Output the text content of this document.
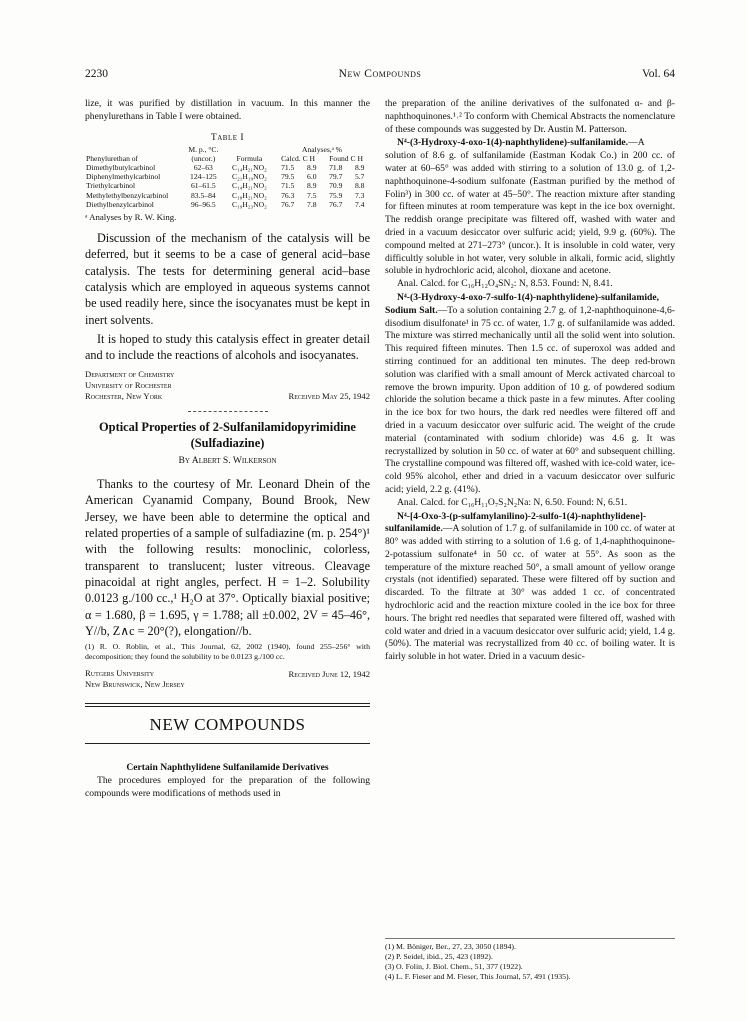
2230	New Compounds	Vol. 64

lize, it was purified by distillation in vacuum. In this manner the phenylurethans in Table I were obtained.

Table I
	M. p., °C.		Analyses,ᵃ %			
Phenylurethan of	(uncor.)	Formula	Calcd. C H		Found C H	
Dimethylbutylcarbinol	62–63	C₁₄H₂₁NO₂	71.5	8.9	71.8	8.9
Diphenylmethylcarbinol	124–125	C₂₁H₁₉NO₂	79.5	6.0	79.7	5.7
Triethylcarbinol	61–61.5	C₁₄H₂₁NO₂	71.5	8.9	70.9	8.8
Methylethylbenzylcarbinol	83.5–84	C₁₈H₂₁NO₂	76.3	7.5	75.9	7.3
Diethylbenzylcarbinol	96–96.5	C₁₉H₂₃NO₂	76.7	7.8	76.7	7.4

ᵃ Analyses by R. W. King.

Discussion of the mechanism of the catalysis will be deferred, but it seems to be a case of general acid–base catalysis. The tests for determining general acid–base catalysis which are employed in aqueous systems cannot be used readily here, since the isocyanates must be kept in inert solvents.

It is hoped to study this catalysis effect in greater detail and to include the reactions of alcohols and isocyanates.

Department of Chemistry
University of Rochester
Rochester, New York	Received May 25, 1942
Optical Properties of 2-Sulfanilamidopyrimidine (Sulfadiazine)
By Albert S. Wilkerson

Thanks to the courtesy of Mr. Leonard Dhein of the American Cyanamid Company, Bound Brook, New Jersey, we have been able to determine the optical and related properties of a sample of sulfadiazine (m. p. 254°)¹ with the following results: monoclinic, colorless, transparent to translucent; luster vitreous. Cleavage pinacoidal at right angles, perfect. H = 1–2. Solubility 0.0123 g./100 cc.,¹ H₂O at 37°. Optically biaxial positive; α = 1.680, β = 1.695, γ = 1.788; all ±0.002, 2V = 45–46°, Y//b, Z∧c = 20°(?), elongation//b.

(1) R. O. Roblin, et al., This Journal, 62, 2002 (1940), found 255–256° with decomposition; they found the solubility to be 0.0123 g./100 cc.

Rutgers University
New Brunswick, New Jersey
Received June 12, 1942
NEW COMPOUNDS
Certain Naphthylidene Sulfanilamide Derivatives

The procedures employed for the preparation of the following compounds were modifications of methods used in

the preparation of the aniline derivatives of the sulfonated α- and β-naphthoquinones.¹˒² To conform with Chemical Abstracts the nomenclature of these compounds was suggested by Dr. Austin M. Patterson.

N⁴-(3-Hydroxy-4-oxo-1(4)-naphthylidene)-sulfanilamide.—A solution of 8.6 g. of sulfanilamide (Eastman Kodak Co.) in 200 cc. of water at 60–65° was added with stirring to a solution of 13.0 g. of 1,2-naphthoquinone-4-sodium sulfonate (Eastman purified by the method of Folin³) in 300 cc. of water at 45–50°. The reaction mixture after standing for fifteen minutes at room temperature was kept in the ice box overnight. The reddish orange precipitate was filtered off, washed with water and dried in a vacuum desiccator over sulfuric acid; yield, 9.9 g. (60%). The compound melted at 271–273° (uncor.). It is insoluble in cold water, very difficultly soluble in hot water, very soluble in alkali, formic acid, slightly soluble in hydrochloric acid, alcohol, dioxane and acetone.

Anal. Calcd. for C₁₆H₁₂O₄SN₂: N, 8.53. Found: N, 8.41.

N⁴-(3-Hydroxy-4-oxo-7-sulfo-1(4)-naphthylidene)-sulfanilamide, Sodium Salt.—To a solution containing 2.7 g. of 1,2-naphthoquinone-4,6-disodium disulfonate¹ in 75 cc. of water, 1.7 g. of sulfanilamide was added. The mixture was stirred mechanically until all the solid went into solution. This required fifteen minutes. Then 1.5 cc. of superoxol was added and stirring continued for an additional ten minutes. The deep red-brown solution was clarified with a small amount of Merck activated charcoal to remove the brown impurity. Upon addition of 10 g. of powdered sodium chloride the solution became a thick paste in a few minutes. After cooling in the ice box for two hours, the dark red needles were filtered off and dried in a vacuum desiccator over sulfuric acid. The weight of the crude material (contaminated with sodium chloride) was 4.6 g. It was recrystallized by solution in 50 cc. of water at 60° and subsequent chilling. The crystalline compound was filtered off, washed with ice-cold water, ice-cold 95% alcohol, ether and dried in a vacuum desiccator over sulfuric acid; yield, 2.2 g. (41%).

Anal. Calcd. for C₁₆H₁₁O₇S₂N₂Na: N, 6.50. Found: N, 6.51.

N⁴-[4-Oxo-3-(p-sulfamylanilino)-2-sulfo-1(4)-naphthylidene]-sulfanilamide.—A solution of 1.7 g. of sulfanilamide in 100 cc. of water at 80° was added with stirring to a solution of 1.6 g. of 1,4-naphthoquinone-2-potassium sulfonate⁴ in 50 cc. of water at 55°. As soon as the temperature of the mixture reached 50°, a small amount of yellow orange crystals (not identified) separated. These were filtered off by suction and discarded. To the filtrate at 30° was added 1 cc. of concentrated hydrochloric acid and the reaction mixture cooled in the ice box for three hours. The bright red needles that separated were filtered off, washed with cold water and dried in a vacuum desiccator over sulfuric acid; yield, 1.4 g. (50%). The material was recrystallized from 40 cc. of boiling water. It is fairly soluble in hot water. Dried in a vacuum desic-

(1) M. Böniger, Ber., 27, 23, 3050 (1894).
(2) P. Seidel, ibid., 25, 423 (1892).
(3) O. Folin, J. Biol. Chem., 51, 377 (1922).
(4) L. F. Fieser and M. Fieser, This Journal, 57, 491 (1935).
